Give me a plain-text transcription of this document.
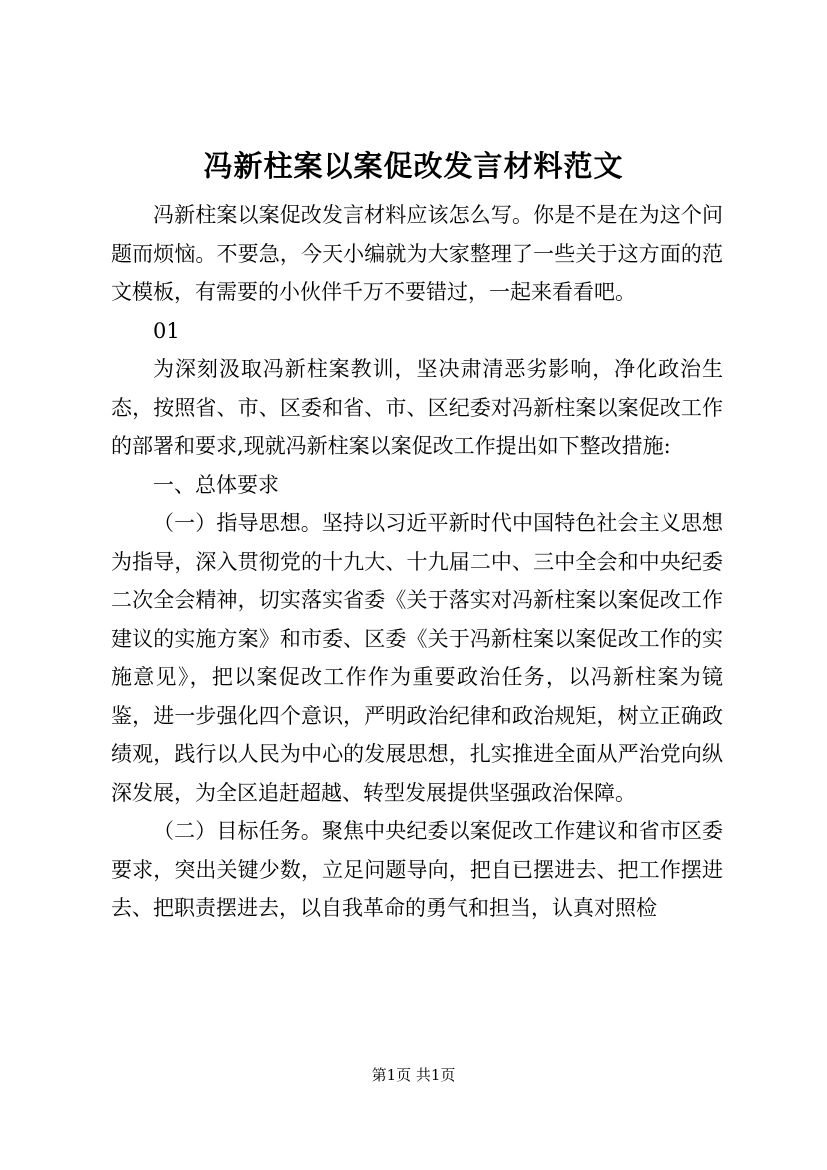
冯新柱案以案促改发言材料范文

冯新柱案以案促改发言材料应该怎么写。你是不是在为这个问题而烦恼。不要急，今天小编就为大家整理了一些关于这方面的范文模板，有需要的小伙伴千万不要错过，一起来看看吧。

01

为深刻汲取冯新柱案教训，坚决肃清恶劣影响，净化政治生态，按照省、市、区委和省、市、区纪委对冯新柱案以案促改工作的部署和要求,现就冯新柱案以案促改工作提出如下整改措施:

一、总体要求

（一）指导思想。坚持以习近平新时代中国特色社会主义思想为指导，深入贯彻党的十九大、十九届二中、三中全会和中央纪委二次全会精神，切实落实省委《关于落实对冯新柱案以案促改工作建议的实施方案》和市委、区委《关于冯新柱案以案促改工作的实施意见》，把以案促改工作作为重要政治任务，以冯新柱案为镜鉴，进一步强化四个意识，严明政治纪律和政治规矩，树立正确政绩观，践行以人民为中心的发展思想，扎实推进全面从严治党向纵深发展，为全区追赶超越、转型发展提供坚强政治保障。

（二）目标任务。聚焦中央纪委以案促改工作建议和省市区委要求，突出关键少数，立足问题导向，把自已摆进去、把工作摆进去、把职责摆进去，以自我革命的勇气和担当，认真对照检

第1页 共1页
